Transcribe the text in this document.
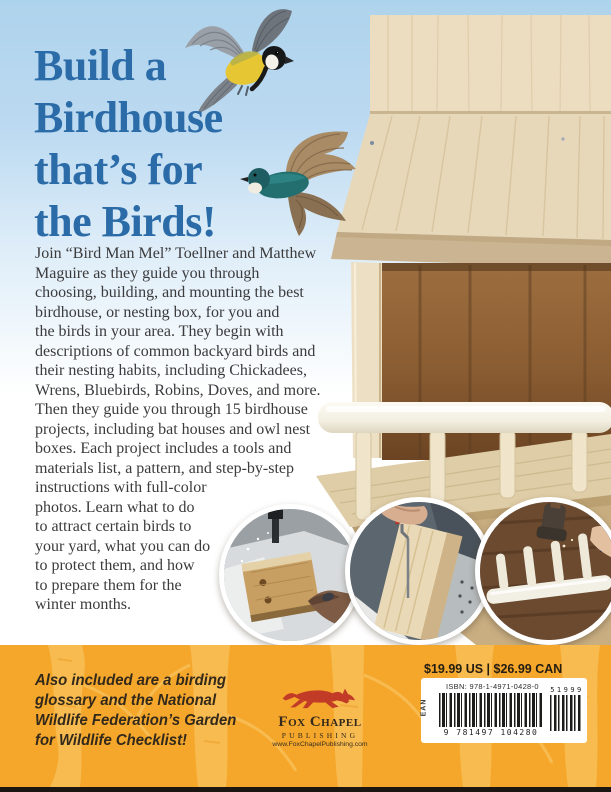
Build a
Birdhouse
that’s for
the Birds!
Join “Bird Man Mel” Toellner and Matthew
Maguire as they guide you through
choosing, building, and mounting the best
birdhouse, or nesting box, for you and
the birds in your area. They begin with
descriptions of common backyard birds and
their nesting habits, including Chickadees,
Wrens, Bluebirds, Robins, Doves, and more.
Then they guide you through 15 birdhouse
projects, including bat houses and owl nest
boxes. Each project includes a tools and
materials list, a pattern, and step-by-step
instructions with full-color
photos. Learn what to do
to attract certain birds to
your yard, what you can do
to protect them, and how
to prepare them for the
winter months.
Also included are a birding
glossary and the National
Wildlife Federation’s Garden
for Wildlife Checklist!
Fox Chapel
PUBLISHING
www.FoxChapelPublishing.com
$19.99 US | $26.99 CAN
EAN
ISBN: 978-1-4971-0428-0
9 781497 104280
51999
